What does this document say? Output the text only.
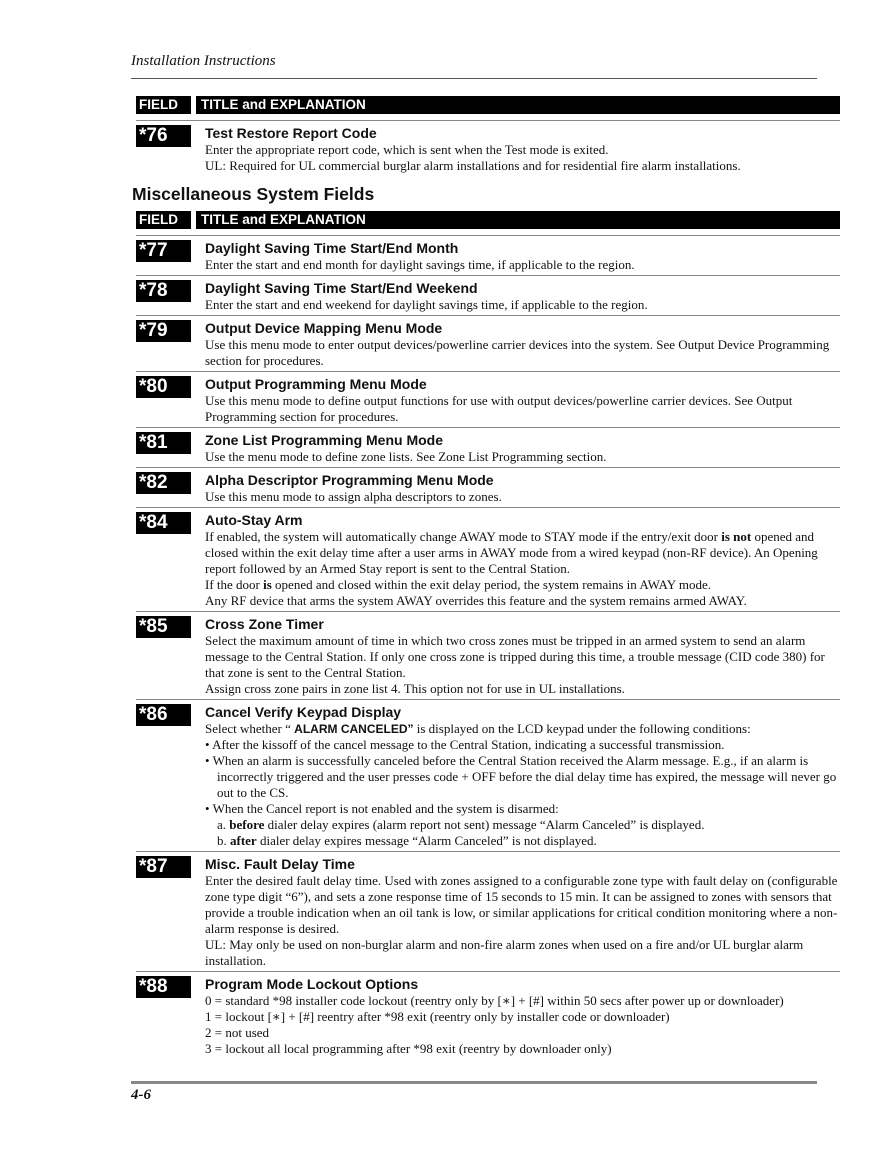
Installation Instructions
FIELD	TITLE and EXPLANATION
*76	Test Restore Report Code

Enter the appropriate report code, which is sent when the Test mode is exited.

UL: Required for UL commercial burglar alarm installations and for residential fire alarm installations.

Miscellaneous System Fields
FIELD	TITLE and EXPLANATION
*77	Daylight Saving Time Start/End Month

Enter the start and end month for daylight savings time, if applicable to the region.

*78	Daylight Saving Time Start/End Weekend

Enter the start and end weekend for daylight savings time, if applicable to the region.

*79	Output Device Mapping Menu Mode

Use this menu mode to enter output devices/powerline carrier devices into the system. See Output Device Programming section for procedures.

*80	Output Programming Menu Mode

Use this menu mode to define output functions for use with output devices/powerline carrier devices. See Output Programming section for procedures.

*81	Zone List Programming Menu Mode

Use the menu mode to define zone lists. See Zone List Programming section.

*82	Alpha Descriptor Programming Menu Mode

Use this menu mode to assign alpha descriptors to zones.

*84	Auto-Stay Arm

If enabled, the system will automatically change AWAY mode to STAY mode if the entry/exit door is not opened and closed within the exit delay time after a user arms in AWAY mode from a wired keypad (non-RF device). An Opening report followed by an Armed Stay report is sent to the Central Station.

If the door is opened and closed within the exit delay period, the system remains in AWAY mode.

Any RF device that arms the system AWAY overrides this feature and the system remains armed AWAY.

*85	Cross Zone Timer

Select the maximum amount of time in which two cross zones must be tripped in an armed system to send an alarm message to the Central Station. If only one cross zone is tripped during this time, a trouble message (CID code 380) for that zone is sent to the Central Station.

Assign cross zone pairs in zone list 4. This option not for use in UL installations.

*86	Cancel Verify Keypad Display

Select whether “ ALARM CANCELED” is displayed on the LCD keypad under the following conditions:

• After the kissoff of the cancel message to the Central Station, indicating a successful transmission.

• When an alarm is successfully canceled before the Central Station received the Alarm message. E.g., if an alarm is incorrectly triggered and the user presses code + OFF before the dial delay time has expired, the message will never go out to the CS.

• When the Cancel report is not enabled and the system is disarmed:

a. before dialer delay expires (alarm report not sent) message “Alarm Canceled” is displayed.

b. after dialer delay expires message “Alarm Canceled” is not displayed.

*87	Misc. Fault Delay Time

Enter the desired fault delay time. Used with zones assigned to a configurable zone type with fault delay on (configurable zone type digit “6”), and sets a zone response time of 15 seconds to 15 min. It can be assigned to zones with sensors that provide a trouble indication when an oil tank is low, or similar applications for critical condition monitoring where a non-alarm response is desired.

UL: May only be used on non-burglar alarm and non-fire alarm zones when used on a fire and/or UL burglar alarm installation.

*88	Program Mode Lockout Options

0 = standard *98 installer code lockout (reentry only by [∗] + [#] within 50 secs after power up or downloader)

1 = lockout [∗] + [#] reentry after *98 exit (reentry only by installer code or downloader)

2 = not used

3 = lockout all local programming after *98 exit (reentry by downloader only)

4-6
